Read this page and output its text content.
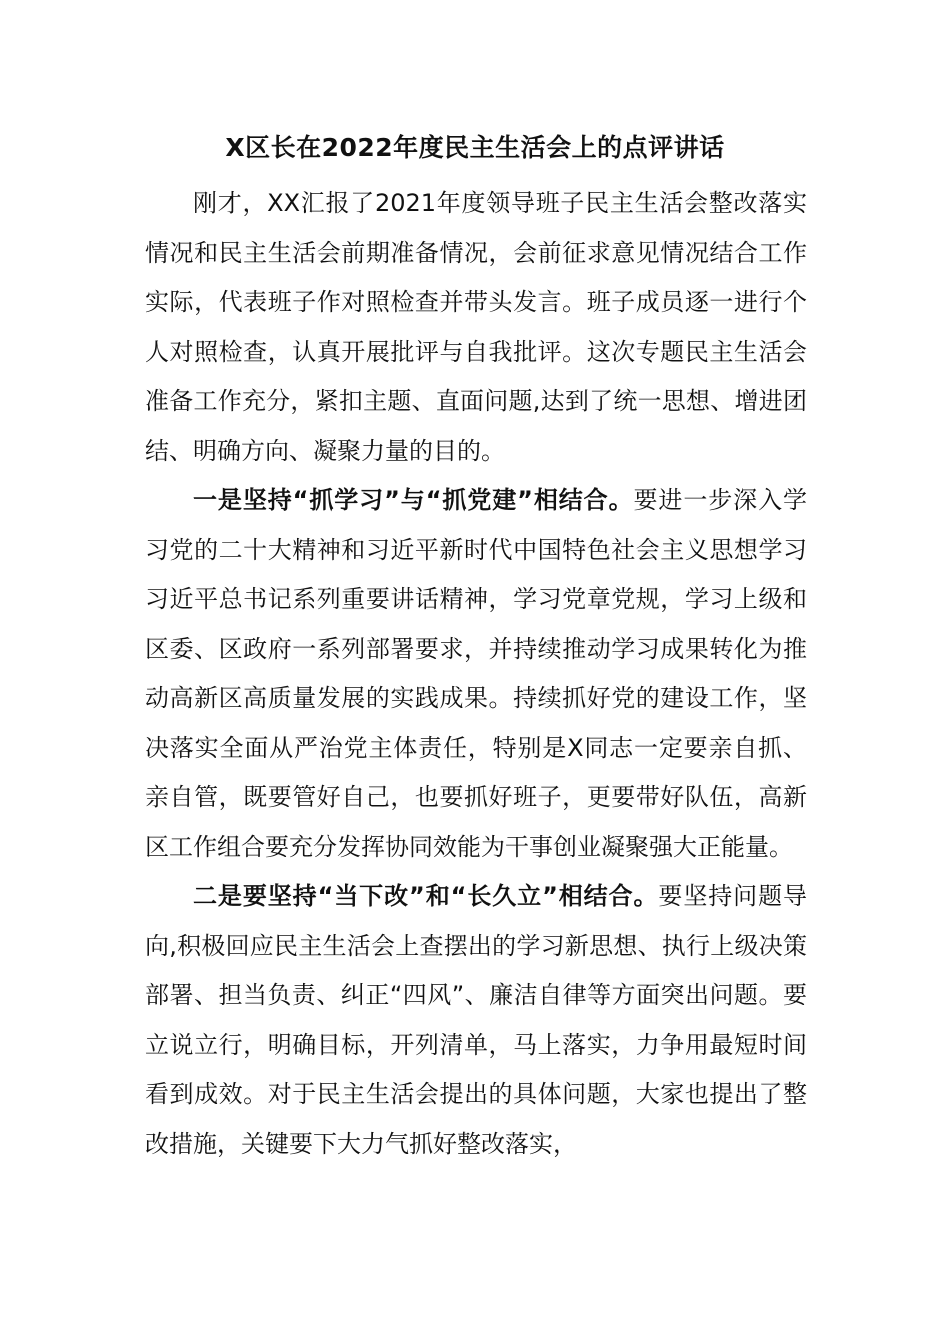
X区长在2022年度民主生活会上的点评讲话

刚才，XX汇报了2021年度领导班子民主生活会整改落实情况和民主生活会前期准备情况，会前征求意见情况结合工作实际，代表班子作对照检查并带头发言。班子成员逐一进行个人对照检查，认真开展批评与自我批评。这次专题民主生活会准备工作充分，紧扣主题、直面问题,达到了统一思想、增进团结、明确方向、凝聚力量的目的。

一是坚持“抓学习”与“抓党建”相结合。要进一步深入学习党的二十大精神和习近平新时代中国特色社会主义思想学习习近平总书记系列重要讲话精神，学习党章党规，学习上级和区委、区政府一系列部署要求，并持续推动学习成果转化为推动高新区高质量发展的实践成果。持续抓好党的建设工作，坚决落实全面从严治党主体责任，特别是X同志一定要亲自抓、亲自管，既要管好自己，也要抓好班子，更要带好队伍，高新区工作组合要充分发挥协同效能为干事创业凝聚强大正能量。

二是要坚持“当下改”和“长久立”相结合。要坚持问题导向,积极回应民主生活会上查摆出的学习新思想、执行上级决策部署、担当负责、纠正“四风”、廉洁自律等方面突出问题。要立说立行，明确目标，开列清单，马上落实，力争用最短时间看到成效。对于民主生活会提出的具体问题，大家也提出了整改措施，关键要下大力气抓好整改落实，
